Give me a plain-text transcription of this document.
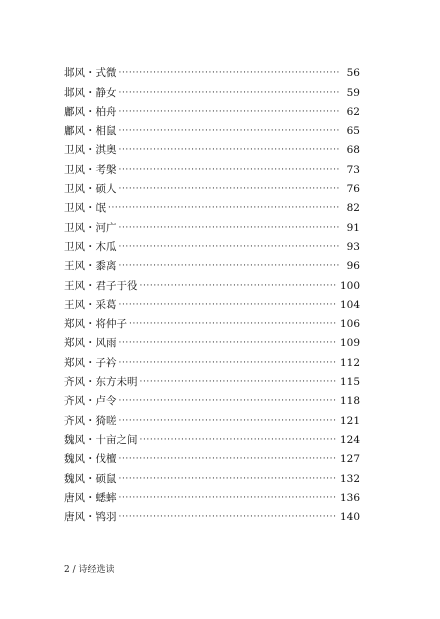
邶风・式微 ·····	56
邶风・静女 ·····	59
鄘风・柏舟 ·····	62
鄘风・相鼠 ·····	65
卫风・淇奥 ·····	68
卫风・考槃 ·····	73
卫风・硕人 ·····	76
卫风・氓 ·····	82
卫风・河广 ·····	91
卫风・木瓜 ·····	93
王风・黍离 ·····	96
王风・君子于役 ·····	100
王风・采葛 ·····	104
郑风・将仲子 ·····	106
郑风・风雨 ·····	109
郑风・子衿 ·····	112
齐风・东方未明 ·····	115
齐风・卢令 ·····	118
齐风・猗嗟 ·····	121
魏风・十亩之间 ·····	124
魏风・伐檀 ·····	127
魏风・硕鼠 ·····	132
唐风・蟋蟀 ·····	136
唐风・鸨羽 ·····	140
2 / 诗经选读
